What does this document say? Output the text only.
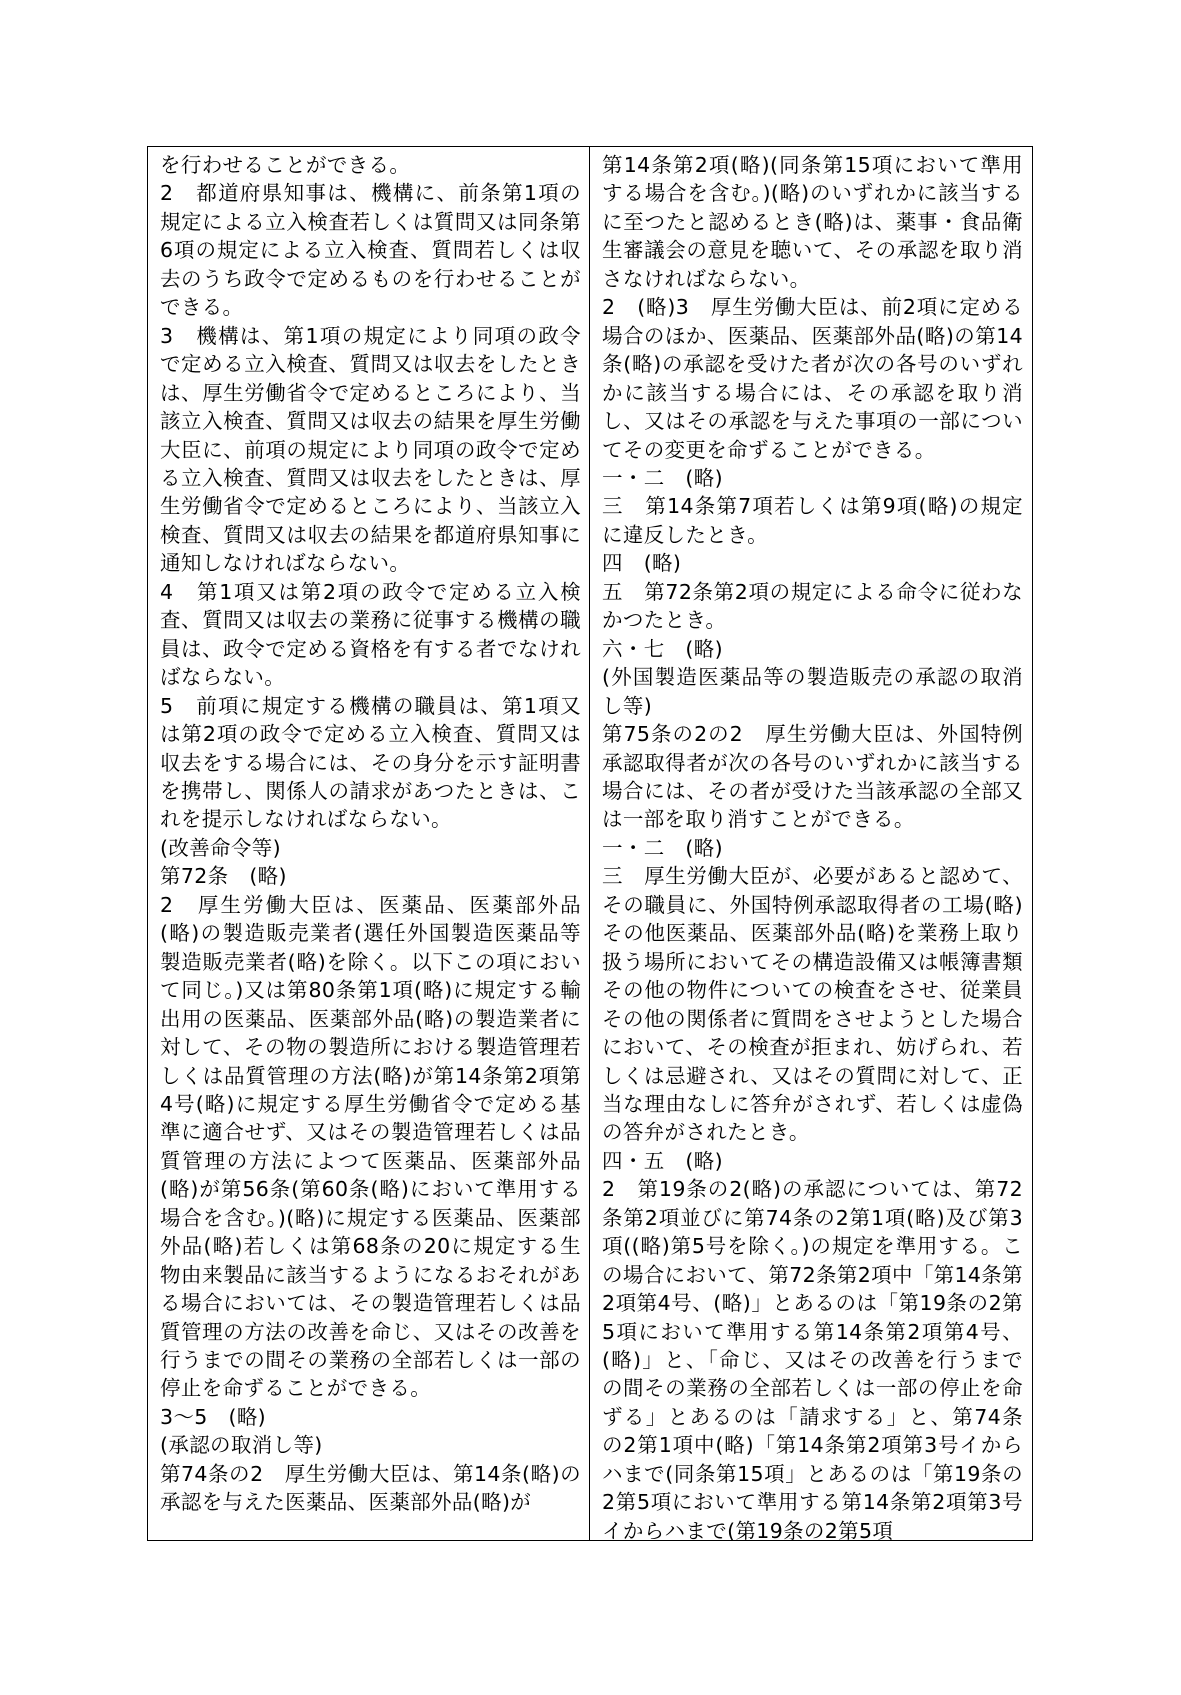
を行わせることができる。

2　都道府県知事は、機構に、前条第1項の規定による立入検査若しくは質問又は同条第6項の規定による立入検査、質問若しくは収去のうち政令で定めるものを行わせることができる。

3　機構は、第1項の規定により同項の政令で定める立入検査、質問又は収去をしたときは、厚生労働省令で定めるところにより、当該立入検査、質問又は収去の結果を厚生労働大臣に、前項の規定により同項の政令で定める立入検査、質問又は収去をしたときは、厚生労働省令で定めるところにより、当該立入検査、質問又は収去の結果を都道府県知事に通知しなければならない。

4　第1項又は第2項の政令で定める立入検査、質問又は収去の業務に従事する機構の職員は、政令で定める資格を有する者でなければならない。

5　前項に規定する機構の職員は、第1項又は第2項の政令で定める立入検査、質問又は収去をする場合には、その身分を示す証明書を携帯し、関係人の請求があつたときは、これを提示しなければならない。

(改善命令等)

第72条　(略)

2　厚生労働大臣は、医薬品、医薬部外品(略)の製造販売業者(選任外国製造医薬品等製造販売業者(略)を除く。以下この項において同じ。)又は第80条第1項(略)に規定する輸出用の医薬品、医薬部外品(略)の製造業者に対して、その物の製造所における製造管理若しくは品質管理の方法(略)が第14条第2項第4号(略)に規定する厚生労働省令で定める基準に適合せず、又はその製造管理若しくは品質管理の方法によつて医薬品、医薬部外品(略)が第56条(第60条(略)において準用する場合を含む。)(略)に規定する医薬品、医薬部外品(略)若しくは第68条の20に規定する生物由来製品に該当するようになるおそれがある場合においては、その製造管理若しくは品質管理の方法の改善を命じ、又はその改善を行うまでの間その業務の全部若しくは一部の停止を命ずることができる。

3～5　(略)

(承認の取消し等)

第74条の2　厚生労働大臣は、第14条(略)の承認を与えた医薬品、医薬部外品(略)が

第14条第2項(略)(同条第15項において準用する場合を含む。)(略)のいずれかに該当するに至つたと認めるとき(略)は、薬事・食品衛生審議会の意見を聴いて、その承認を取り消さなければならない。

2　(略)3　厚生労働大臣は、前2項に定める場合のほか、医薬品、医薬部外品(略)の第14条(略)の承認を受けた者が次の各号のいずれかに該当する場合には、その承認を取り消し、又はその承認を与えた事項の一部についてその変更を命ずることができる。

一・二　(略)

三　第14条第7項若しくは第9項(略)の規定に違反したとき。

四　(略)

五　第72条第2項の規定による命令に従わなかつたとき。

六・七　(略)

(外国製造医薬品等の製造販売の承認の取消し等)

第75条の2の2　厚生労働大臣は、外国特例承認取得者が次の各号のいずれかに該当する場合には、その者が受けた当該承認の全部又は一部を取り消すことができる。

一・二　(略)

三　厚生労働大臣が、必要があると認めて、その職員に、外国特例承認取得者の工場(略)その他医薬品、医薬部外品(略)を業務上取り扱う場所においてその構造設備又は帳簿書類その他の物件についての検査をさせ、従業員その他の関係者に質問をさせようとした場合において、その検査が拒まれ、妨げられ、若しくは忌避され、又はその質問に対して、正当な理由なしに答弁がされず、若しくは虚偽の答弁がされたとき。

四・五　(略)

2　第19条の2(略)の承認については、第72条第2項並びに第74条の2第1項(略)及び第3項((略)第5号を除く。)の規定を準用する。この場合において、第72条第2項中「第14条第2項第4号、(略)」とあるのは「第19条の2第5項において準用する第14条第2項第4号、(略)」と、「命じ、又はその改善を行うまでの間その業務の全部若しくは一部の停止を命ずる」とあるのは「請求する」と、第74条の2第1項中(略)「第14条第2項第3号イからハまで(同条第15項」とあるのは「第19条の2第5項において準用する第14条第2項第3号イからハまで(第19条の2第5項
